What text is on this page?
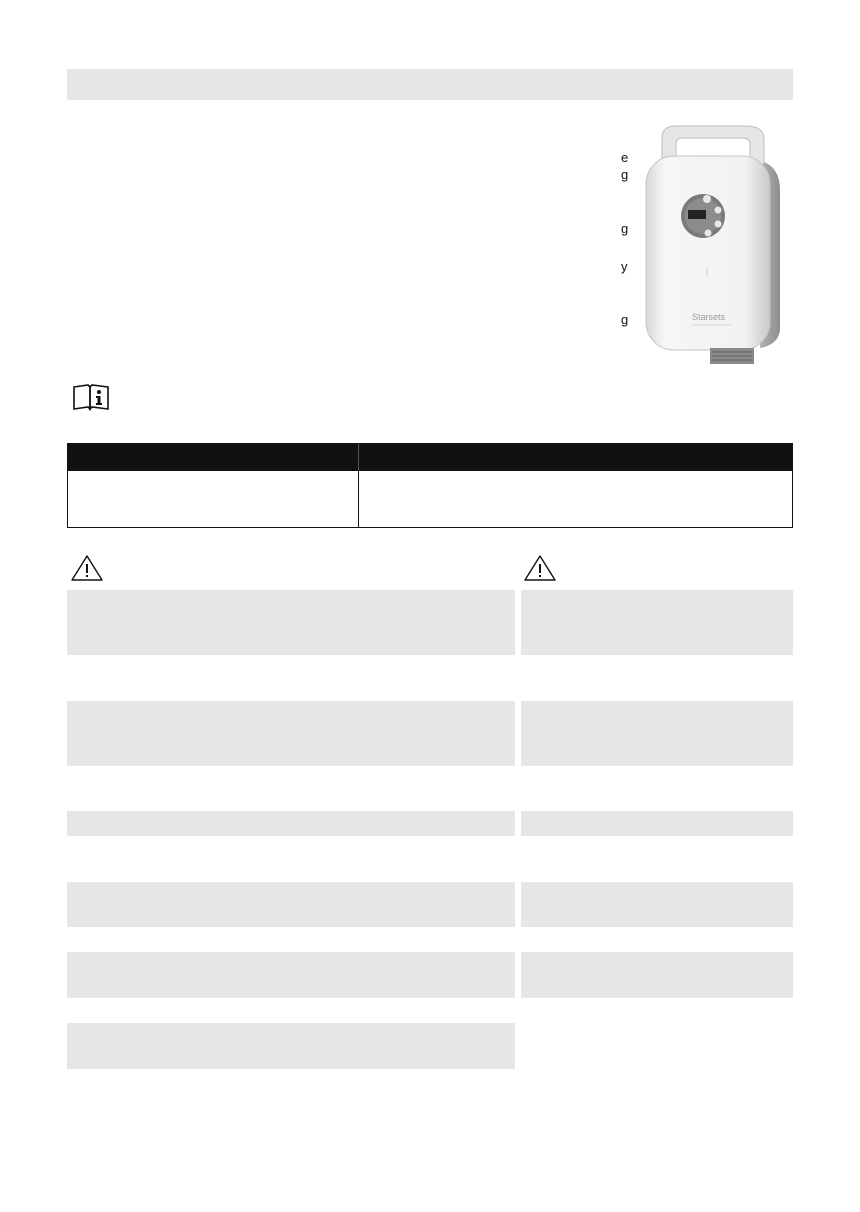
e
g
g
y
g	Starsets
